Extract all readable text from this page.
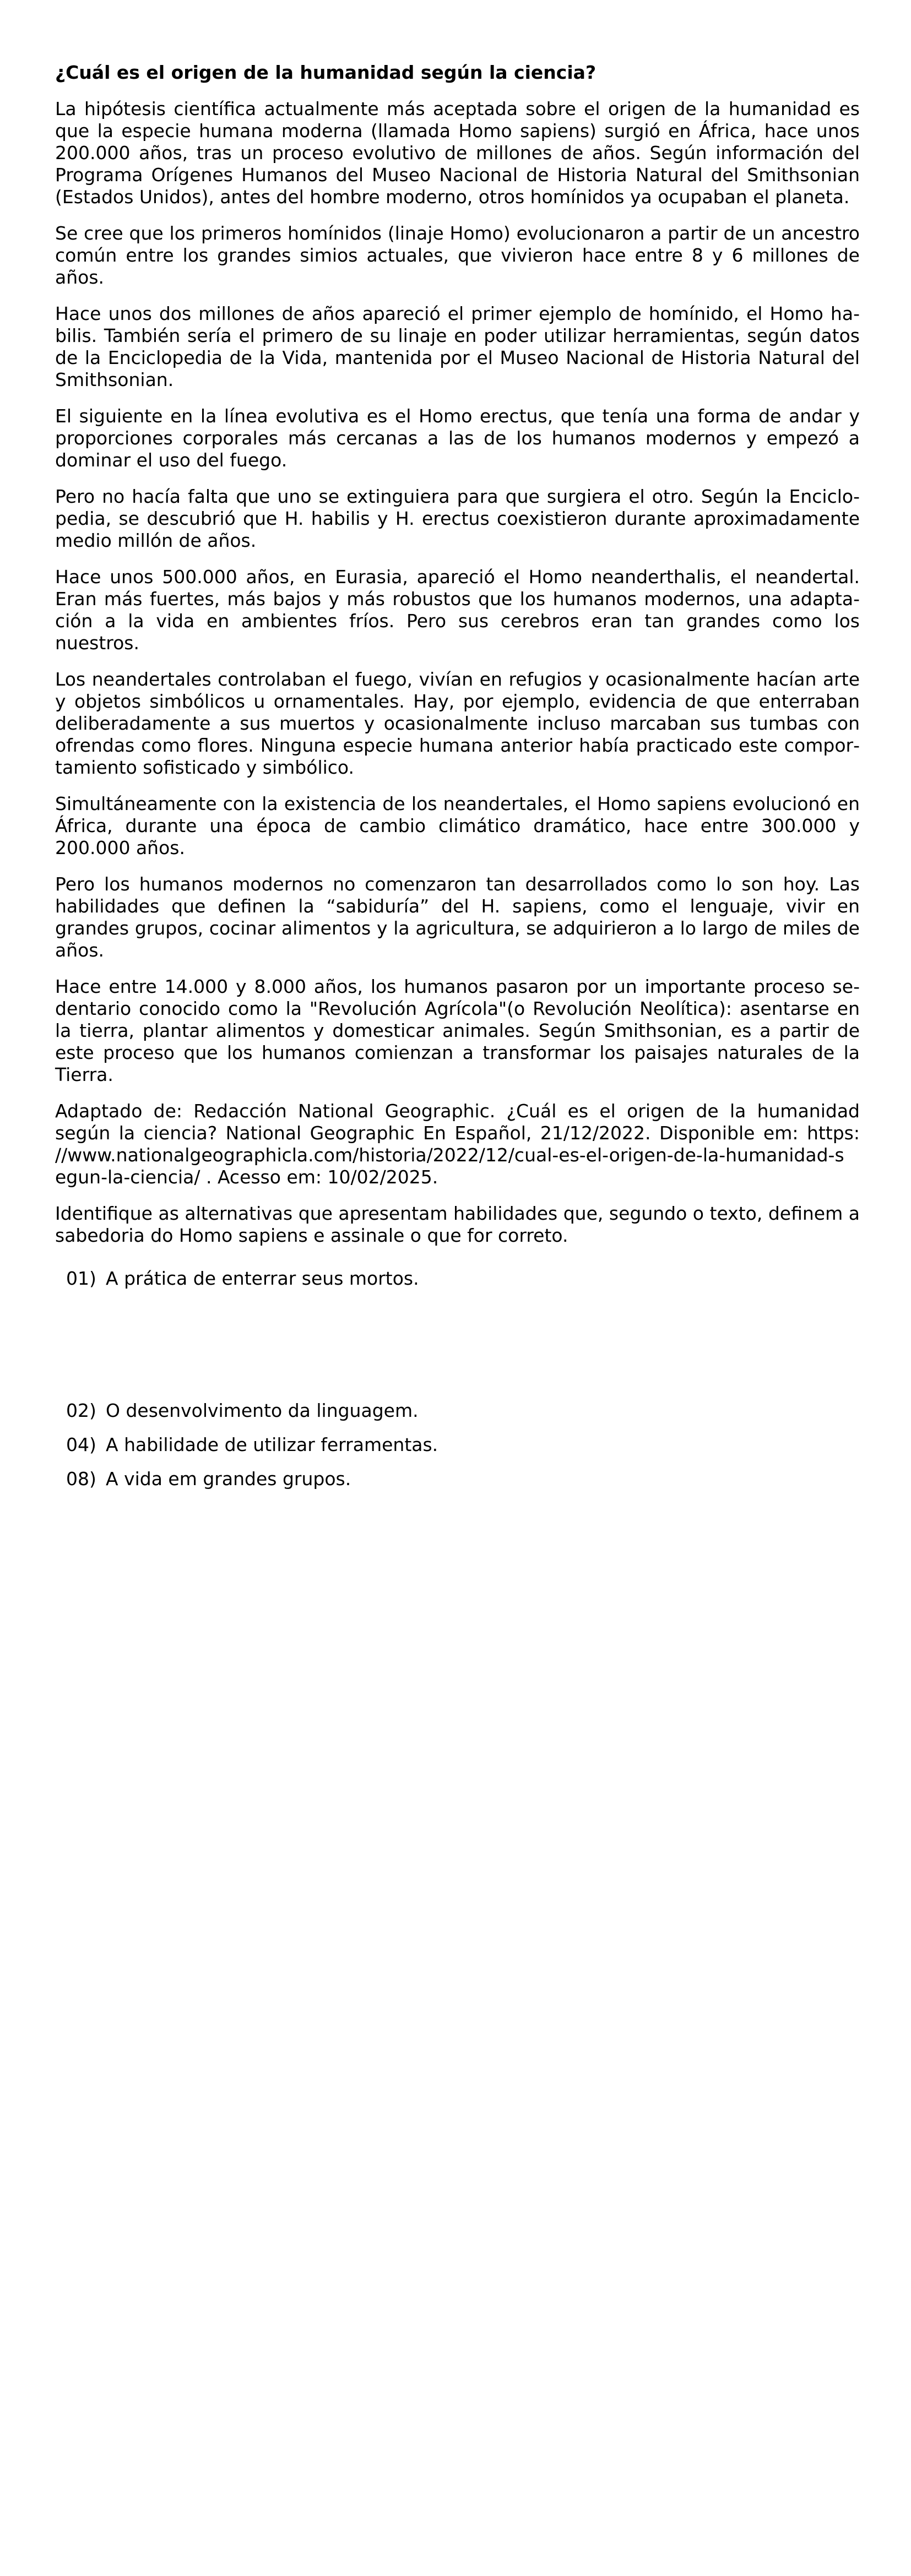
¿Cuál es el origen de la humanidad según la ciencia?

La hipótesis científica actualmente más aceptada sobre el origen de la humanidad es que la especie humana moderna (llamada Homo sapiens) surgió en África, hace unos 200.000 años, tras un proceso evolutivo de millones de años. Según información del Programa Orígenes Humanos del Museo Nacional de Historia Natural del Smithsonian (Estados Unidos), antes del hombre moderno, otros homínidos ya ocupaban el planeta.

Se cree que los primeros homínidos (linaje Homo) evolucionaron a partir de un ancestro común entre los grandes simios actuales, que vivieron hace entre 8 y 6 millones de años.

Hace unos dos millones de años apareció el primer ejemplo de homínido, el Homo habilis. También sería el primero de su linaje en poder utilizar herramientas, según datos de la Enciclopedia de la Vida, mantenida por el Museo Nacional de Historia Natural del Smithsonian.

El siguiente en la línea evolutiva es el Homo erectus, que tenía una forma de andar y proporciones corporales más cercanas a las de los humanos modernos y empezó a dominar el uso del fuego.

Pero no hacía falta que uno se extinguiera para que surgiera el otro. Según la Enciclopedia, se descubrió que H. habilis y H. erectus coexistieron durante aproximadamente medio millón de años.

Hace unos 500.000 años, en Eurasia, apareció el Homo neanderthalis, el neandertal. Eran más fuertes, más bajos y más robustos que los humanos modernos, una adaptación a la vida en ambientes fríos. Pero sus cerebros eran tan grandes como los nuestros.

Los neandertales controlaban el fuego, vivían en refugios y ocasionalmente hacían arte y objetos simbólicos u ornamentales. Hay, por ejemplo, evidencia de que enterraban deliberadamente a sus muertos y ocasionalmente incluso marcaban sus tumbas con ofrendas como flores. Ninguna especie humana anterior había practicado este comportamiento sofisticado y simbólico.

Simultáneamente con la existencia de los neandertales, el Homo sapiens evolucionó en África, durante una época de cambio climático dramático, hace entre 300.000 y 200.000 años.

Pero los humanos modernos no comenzaron tan desarrollados como lo son hoy. Las habilidades que definen la “sabiduría” del H. sapiens, como el lenguaje, vivir en grandes grupos, cocinar alimentos y la agricultura, se adquirieron a lo largo de miles de años.

Hace entre 14.000 y 8.000 años, los humanos pasaron por un importante proceso sedentario conocido como la "Revolución Agrícola"(o Revolución Neolítica): asentarse en la tierra, plantar alimentos y domesticar animales. Según Smithsonian, es a partir de este proceso que los humanos comienzan a transformar los paisajes naturales de la Tierra.

Adaptado de: Redacción National Geographic. ¿Cuál es el origen de la humanidad según la ciencia? National Geographic En Español, 21/12/2022. Disponible em: https: //www.nationalgeographicla.com/historia/2022/12/cual-es-el-origen-de-la-humanidad-s egun-la-ciencia/ . Acesso em: 10/02/2025.

Identifique as alternativas que apresentam habilidades que, segundo o texto, definem a sabedoria do Homo sapiens e assinale o que for correto.

01) A prática de enterrar seus mortos.
02) O desenvolvimento da linguagem.
04) A habilidade de utilizar ferramentas.
08) A vida em grandes grupos.
